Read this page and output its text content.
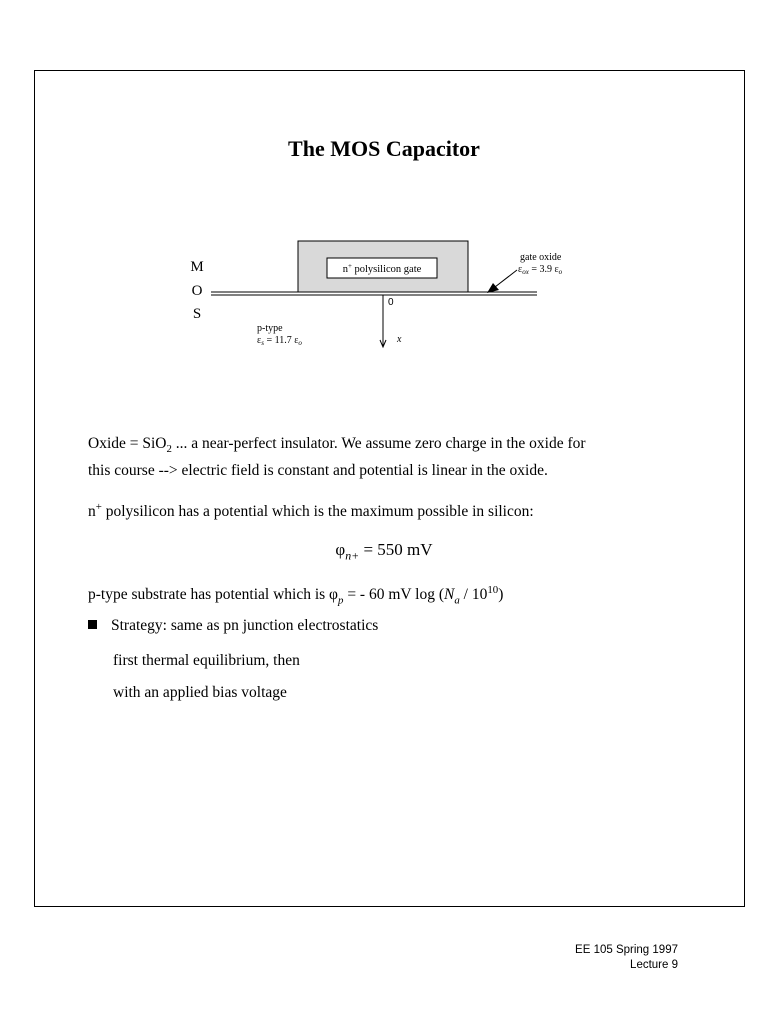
The MOS Capacitor
n+ polysilicon gate
M
O
S
gate oxide
$\varepsilon_{ox} = 3.9$ $\varepsilon_o$
0
x
p-type
$\varepsilon_s = 11.7$ $\varepsilon_o$
Oxide = SiO$_2$ ... a near-perfect insulator. We assume zero charge in the oxide for
this course --> electric field is constant and potential is linear in the oxide.
n+ polysilicon has a potential which is the maximum possible in silicon:
$\varphi_{n+} = 550$ mV
p-type substrate has potential which is $\varphi_p$ = - 60 mV $\log (N_a / 10^{10})$
Strategy: same as pn junction electrostatics
first thermal equilibrium, then
with an applied bias voltage
EE 105 Spring 1997
Lecture 9
